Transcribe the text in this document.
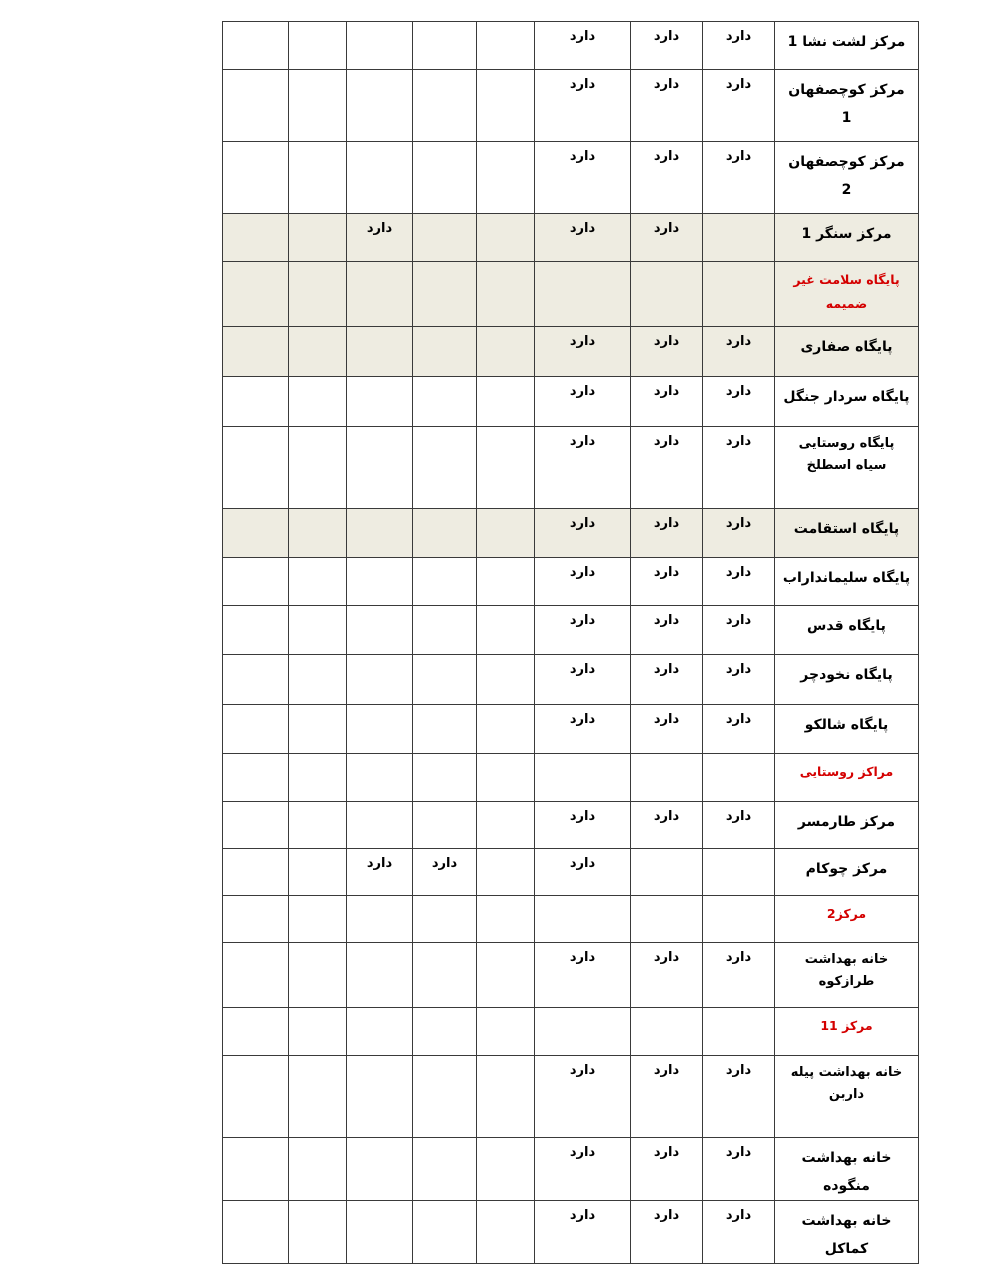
					دارد	دارد	دارد	مرکز لشت نشا 1
					دارد	دارد	دارد	مرکز کوچصفهان 1
					دارد	دارد	دارد	مرکز کوچصفهان 2
		دارد			دارد	دارد		مرکز سنگر 1
								پایگاه سلامت غیر ضمیمه
					دارد	دارد	دارد	پایگاه صفاری
					دارد	دارد	دارد	پایگاه سردار جنگل
					دارد	دارد	دارد	پایگاه روستایی سیاه اسطلخ
					دارد	دارد	دارد	پایگاه استقامت
					دارد	دارد	دارد	پایگاه سلیمانداراب
					دارد	دارد	دارد	پایگاه قدس
					دارد	دارد	دارد	پایگاه نخودچر
					دارد	دارد	دارد	پایگاه شالکو
								مراکز روستایی
					دارد	دارد	دارد	مرکز طارمسر
		دارد	دارد		دارد			مرکز چوکام
								مرکز2
					دارد	دارد	دارد	خانه بهداشت طرازکوه
								مرکز 11
					دارد	دارد	دارد	خانه بهداشت پیله داربن
					دارد	دارد	دارد	خانه بهداشت منگوده
					دارد	دارد	دارد	خانه بهداشت کماکل
